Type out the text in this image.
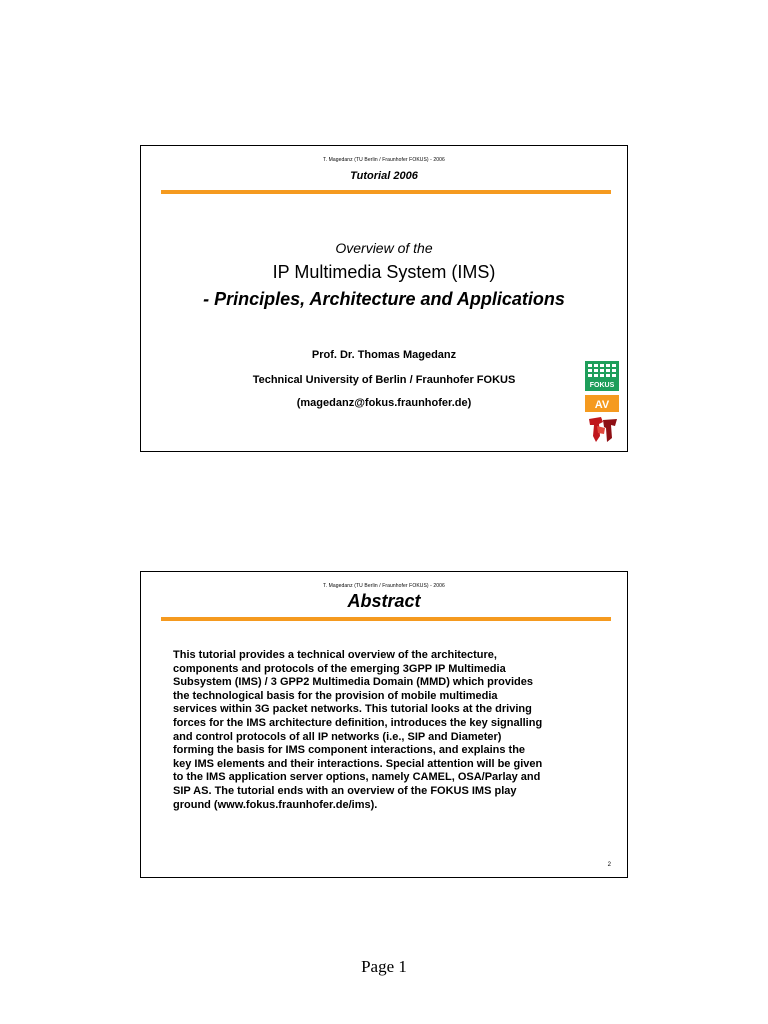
T. Magedanz (TU Berlin / Fraunhofer FOKUS) - 2006
Tutorial 2006
Overview of the
IP Multimedia System (IMS)
- Principles, Architecture and Applications
Prof. Dr. Thomas Magedanz
Technical University of Berlin / Fraunhofer FOKUS
(magedanz@fokus.fraunhofer.de)
FOKUS
AV
T. Magedanz (TU Berlin / Fraunhofer FOKUS) - 2006
Abstract
This tutorial provides a technical overview of the architecture,
components and protocols of the emerging 3GPP IP Multimedia
Subsystem (IMS) / 3 GPP2 Multimedia Domain (MMD) which provides
the technological basis for the provision of mobile multimedia
services within 3G packet networks. This tutorial looks at the driving
forces for the IMS architecture definition, introduces the key signalling
and control protocols of all IP networks (i.e., SIP and Diameter)
forming the basis for IMS component interactions, and explains the
key IMS elements and their interactions. Special attention will be given
to the IMS application server options, namely CAMEL, OSA/Parlay and
SIP AS. The tutorial ends with an overview of the FOKUS IMS play
ground (www.fokus.fraunhofer.de/ims).
2
Page 1
